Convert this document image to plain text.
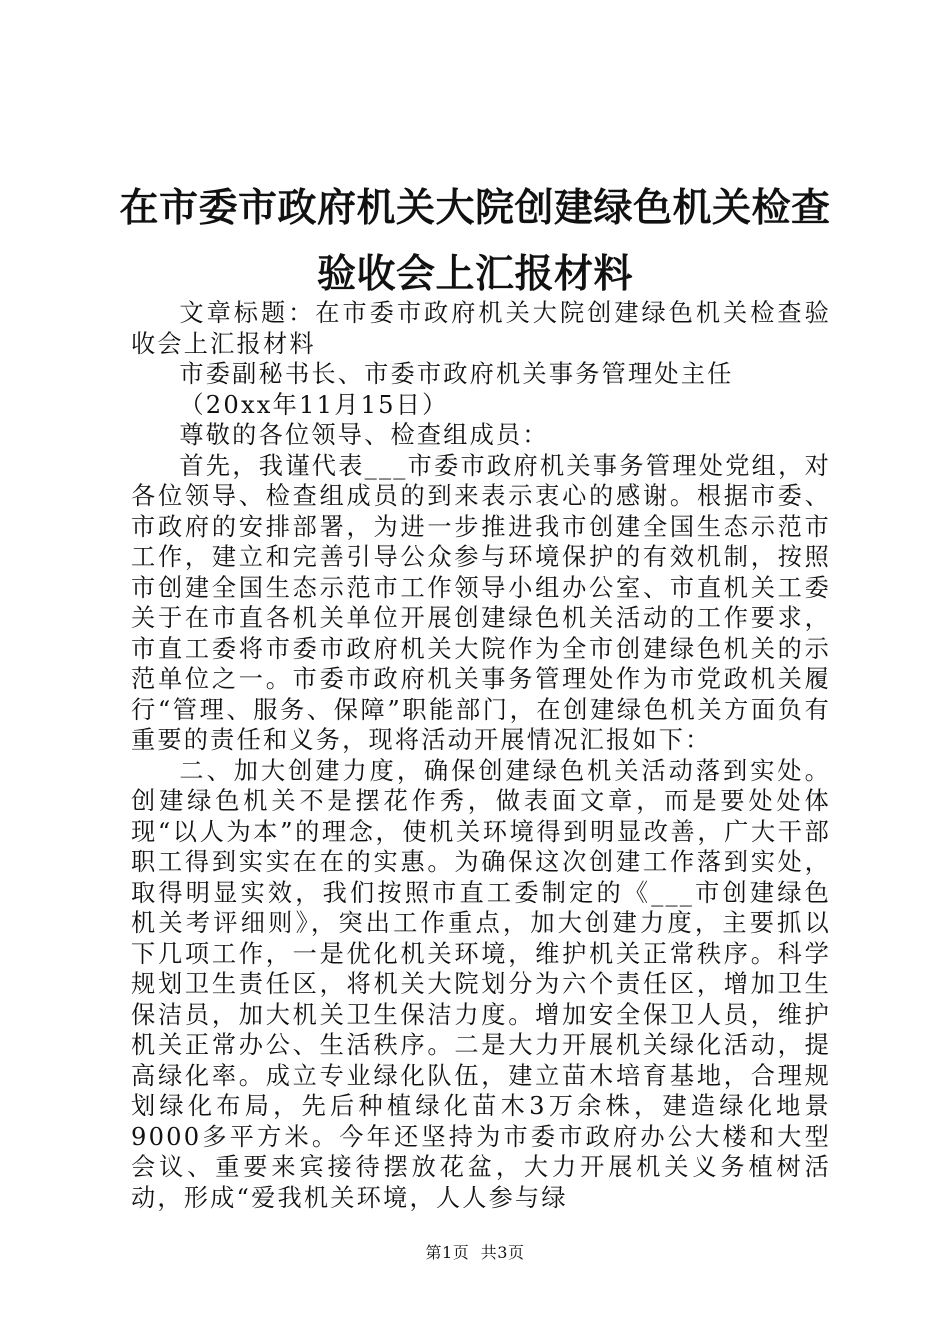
在市委市政府机关大院创建绿色机关检查验收会上汇报材料

文章标题：在市委市政府机关大院创建绿色机关检查验收会上汇报材料

市委副秘书长、市委市政府机关事务管理处主任

（20xx年11月15日）

尊敬的各位领导、检查组成员：

首先，我谨代表___市委市政府机关事务管理处党组，对各位领导、检查组成员的到来表示衷心的感谢。根据市委、市政府的安排部署，为进一步推进我市创建全国生态示范市工作，建立和完善引导公众参与环境保护的有效机制，按照市创建全国生态示范市工作领导小组办公室、市直机关工委关于在市直各机关单位开展创建绿色机关活动的工作要求，市直工委将市委市政府机关大院作为全市创建绿色机关的示范单位之一。市委市政府机关事务管理处作为市党政机关履行“管理、服务、保障”职能部门，在创建绿色机关方面负有重要的责任和义务，现将活动开展情况汇报如下：

二、加大创建力度，确保创建绿色机关活动落到实处。创建绿色机关不是摆花作秀，做表面文章，而是要处处体现“以人为本”的理念，使机关环境得到明显改善，广大干部职工得到实实在在的实惠。为确保这次创建工作落到实处，取得明显实效，我们按照市直工委制定的《___市创建绿色机关考评细则》，突出工作重点，加大创建力度，主要抓以下几项工作，一是优化机关环境，维护机关正常秩序。科学规划卫生责任区，将机关大院划分为六个责任区，增加卫生保洁员，加大机关卫生保洁力度。增加安全保卫人员，维护机关正常办公、生活秩序。二是大力开展机关绿化活动，提高绿化率。成立专业绿化队伍，建立苗木培育基地，合理规划绿化布局，先后种植绿化苗木3万余株，建造绿化地景9000多平方米。今年还坚持为市委市政府办公大楼和大型会议、重要来宾接待摆放花盆，大力开展机关义务植树活动，形成“爱我机关环境，人人参与绿

第1页 共3页
